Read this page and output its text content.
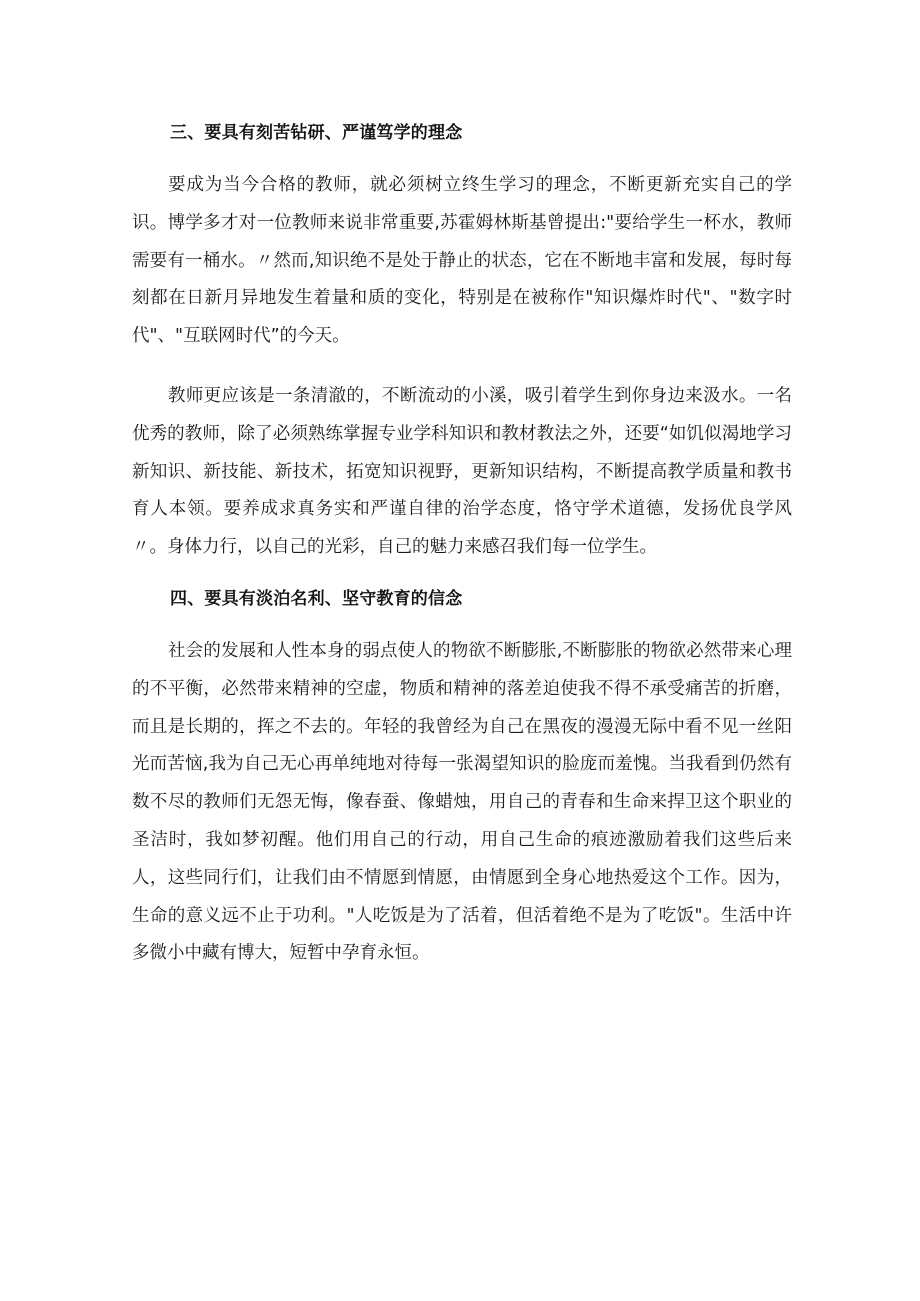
三、要具有刻苦钻研、严谨笃学的理念

要成为当今合格的教师，就必须树立终生学习的理念，不断更新充实自己的学识。博学多才对一位教师来说非常重要,苏霍姆林斯基曾提出:"要给学生一杯水，教师需要有一桶水。〃然而,知识绝不是处于静止的状态，它在不断地丰富和发展，每时每刻都在日新月异地发生着量和质的变化，特别是在被称作"知识爆炸时代"、"数字时代"、"互联网时代”的今天。

教师更应该是一条清澈的，不断流动的小溪，吸引着学生到你身边来汲水。一名优秀的教师，除了必须熟练掌握专业学科知识和教材教法之外，还要“如饥似渴地学习新知识、新技能、新技术，拓宽知识视野，更新知识结构，不断提高教学质量和教书育人本领。要养成求真务实和严谨自律的治学态度，恪守学术道德，发扬优良学风〃。身体力行，以自己的光彩，自己的魅力来感召我们每一位学生。

四、要具有淡泊名利、坚守教育的信念

社会的发展和人性本身的弱点使人的物欲不断膨胀,不断膨胀的物欲必然带来心理的不平衡，必然带来精神的空虚，物质和精神的落差迫使我不得不承受痛苦的折磨，而且是长期的，挥之不去的。年轻的我曾经为自己在黑夜的漫漫无际中看不见一丝阳光而苦恼,我为自己无心再单纯地对待每一张渴望知识的脸庞而羞愧。当我看到仍然有数不尽的教师们无怨无悔，像春蚕、像蜡烛，用自己的青春和生命来捍卫这个职业的圣洁时，我如梦初醒。他们用自己的行动，用自己生命的痕迹激励着我们这些后来人，这些同行们，让我们由不情愿到情愿，由情愿到全身心地热爱这个工作。因为，生命的意义远不止于功利。"人吃饭是为了活着，但活着绝不是为了吃饭"。生活中许多微小中藏有博大，短暂中孕育永恒。
